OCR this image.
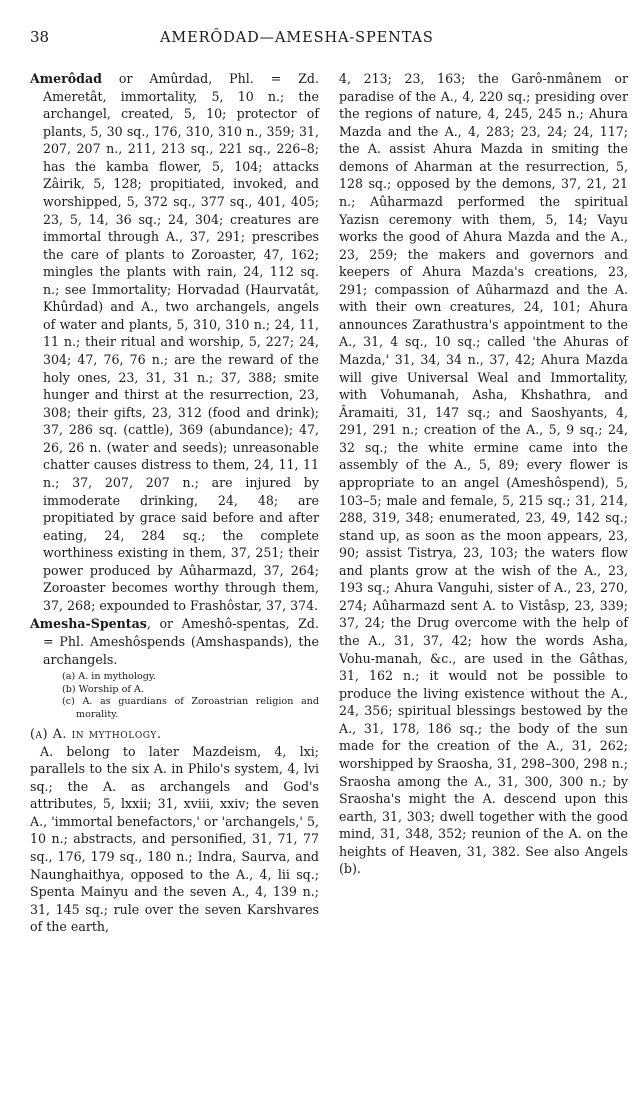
38	AMERÔDAD—AMESHA-SPENTAS

Amerôdad or Amûrdad, Phl. = Zd. Ameretât, immortality, 5, 10 n.; the archangel, created, 5, 10; protector of plants, 5, 30 sq., 176, 310, 310 n., 359; 31, 207, 207 n., 211, 213 sq., 221 sq., 226–8; has the kamba flower, 5, 104; attacks Zâirik, 5, 128; propitiated, invoked, and worshipped, 5, 372 sq., 377 sq., 401, 405; 23, 5, 14, 36 sq.; 24, 304; creatures are immortal through A., 37, 291; prescribes the care of plants to Zoroaster, 47, 162; mingles the plants with rain, 24, 112 sq. n.; see Immortality; Horvadad (Haurvatât, Khûrdad) and A., two archangels, angels of water and plants, 5, 310, 310 n.; 24, 11, 11 n.; their ritual and worship, 5, 227; 24, 304; 47, 76, 76 n.; are the reward of the holy ones, 23, 31, 31 n.; 37, 388; smite hunger and thirst at the resurrection, 23, 308; their gifts, 23, 312 (food and drink); 37, 286 sq. (cattle), 369 (abundance); 47, 26, 26 n. (water and seeds); unreasonable chatter causes distress to them, 24, 11, 11 n.; 37, 207, 207 n.; are injured by immoderate drinking, 24, 48; are propitiated by grace said before and after eating, 24, 284 sq.; the complete worthiness existing in them, 37, 251; their power produced by Aûharmazd, 37, 264; Zoroaster becomes worthy through them, 37, 268; expounded to Frashôstar, 37, 374.

Amesha-Spentas, or Ameshô-spentas, Zd. = Phl. Ameshôspends (Amshaspands), the archangels.

(a) A. in mythology.
(b) Worship of A.
(c) A. as guardians of Zoroastrian religion and morality.

(a) A. in mythology.

A. belong to later Mazdeism, 4, lxi; parallels to the six A. in Philo's system, 4, lvi sq.; the A. as archangels and God's attributes, 5, lxxii; 31, xviii, xxiv; the seven A., 'immortal benefactors,' or 'archangels,' 5, 10 n.; abstracts, and personified, 31, 71, 77 sq., 176, 179 sq., 180 n.; Indra, Saurva, and Naunghaithya, opposed to the A., 4, lii sq.; Spenta Mainyu and the seven A., 4, 139 n.; 31, 145 sq.; rule over the seven Karshvares of the earth,

4, 213; 23, 163; the Garô-nmânem or paradise of the A., 4, 220 sq.; presiding over the regions of nature, 4, 245, 245 n.; Ahura Mazda and the A., 4, 283; 23, 24; 24, 117; the A. assist Ahura Mazda in smiting the demons of Aharman at the resurrection, 5, 128 sq.; opposed by the demons, 37, 21, 21 n.; Aûharmazd performed the spiritual Yazisn ceremony with them, 5, 14; Vayu works the good of Ahura Mazda and the A., 23, 259; the makers and governors and keepers of Ahura Mazda's creations, 23, 291; compassion of Aûharmazd and the A. with their own creatures, 24, 101; Ahura announces Zarathustra's appointment to the A., 31, 4 sq., 10 sq.; called 'the Ahuras of Mazda,' 31, 34, 34 n., 37, 42; Ahura Mazda will give Universal Weal and Immortality, with Vohumanah, Asha, Khshathra, and Âramaiti, 31, 147 sq.; and Saoshyants, 4, 291, 291 n.; creation of the A., 5, 9 sq.; 24, 32 sq.; the white ermine came into the assembly of the A., 5, 89; every flower is appropriate to an angel (Ameshôspend), 5, 103–5; male and female, 5, 215 sq.; 31, 214, 288, 319, 348; enumerated, 23, 49, 142 sq.; stand up, as soon as the moon appears, 23, 90; assist Tistrya, 23, 103; the waters flow and plants grow at the wish of the A., 23, 193 sq.; Ahura Vanguhi, sister of A., 23, 270, 274; Aûharmazd sent A. to Vistâsp, 23, 339; 37, 24; the Drug overcome with the help of the A., 31, 37, 42; how the words Asha, Vohu-manah, &c., are used in the Gâthas, 31, 162 n.; it would not be possible to produce the living existence without the A., 24, 356; spiritual blessings bestowed by the A., 31, 178, 186 sq.; the body of the sun made for the creation of the A., 31, 262; worshipped by Sraosha, 31, 298–300, 298 n.; Sraosha among the A., 31, 300, 300 n.; by Sraosha's might the A. descend upon this earth, 31, 303; dwell together with the good mind, 31, 348, 352; reunion of the A. on the heights of Heaven, 31, 382. See also Angels (b).
